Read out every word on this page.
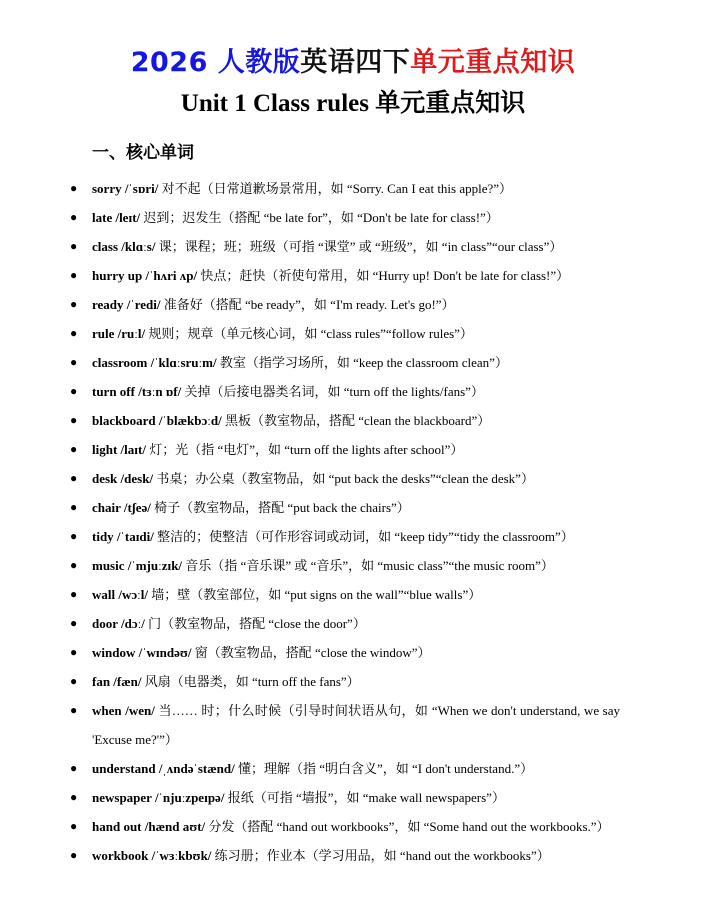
2026 人教版英语四下单元重点知识
Unit 1 Class rules 单元重点知识
一、核心单词
● sorry /ˈsɒri/ 对不起（日常道歉场景常用，如 “Sorry. Can I eat this apple?”）
● late /leɪt/ 迟到；迟发生（搭配 “be late for”，如 “Don't be late for class!”）
● class /klɑːs/ 课；课程；班；班级（可指 “课堂” 或 “班级”，如 “in class”“our class”）
● hurry up /ˈhʌri ʌp/ 快点；赶快（祈使句常用，如 “Hurry up! Don't be late for class!”）
● ready /ˈredi/ 准备好（搭配 “be ready”，如 “I'm ready. Let's go!”）
● rule /ruːl/ 规则；规章（单元核心词，如 “class rules”“follow rules”）
● classroom /ˈklɑːsruːm/ 教室（指学习场所，如 “keep the classroom clean”）
● turn off /tɜːn ɒf/ 关掉（后接电器类名词，如 “turn off the lights/fans”）
● blackboard /ˈblækbɔːd/ 黑板（教室物品，搭配 “clean the blackboard”）
● light /laɪt/ 灯；光（指 “电灯”，如 “turn off the lights after school”）
● desk /desk/ 书桌；办公桌（教室物品，如 “put back the desks”“clean the desk”）
● chair /tʃeə/ 椅子（教室物品，搭配 “put back the chairs”）
● tidy /ˈtaɪdi/ 整洁的；使整洁（可作形容词或动词，如 “keep tidy”“tidy the classroom”）
● music /ˈmjuːzɪk/ 音乐（指 “音乐课” 或 “音乐”，如 “music class”“the music room”）
● wall /wɔːl/ 墙；壁（教室部位，如 “put signs on the wall”“blue walls”）
● door /dɔː/ 门（教室物品，搭配 “close the door”）
● window /ˈwɪndəʊ/ 窗（教室物品，搭配 “close the window”）
● fan /fæn/ 风扇（电器类，如 “turn off the fans”）
● when /wen/ 当…… 时；什么时候（引导时间状语从句，如 “When we don't understand, we say 'Excuse me?'”）
● understand /ˌʌndəˈstænd/ 懂；理解（指 “明白含义”，如 “I don't understand.”）
● newspaper /ˈnjuːzpeɪpə/ 报纸（可指 “墙报”，如 “make wall newspapers”）
● hand out /hænd aʊt/ 分发（搭配 “hand out workbooks”，如 “Some hand out the workbooks.”）
● workbook /ˈwɜːkbʊk/ 练习册；作业本（学习用品，如 “hand out the workbooks”）
